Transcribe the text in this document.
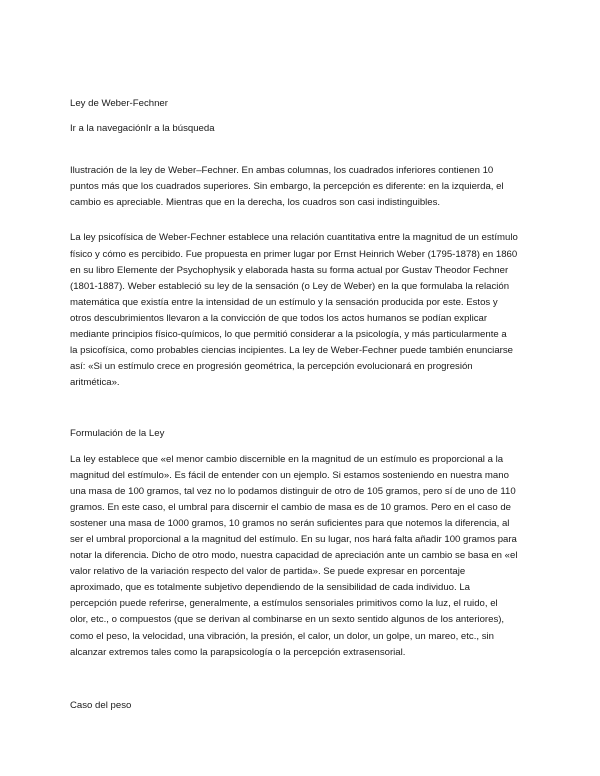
Ley de Weber-Fechner

Ir a la navegaciónIr a la búsqueda

Ilustración de la ley de Weber–Fechner. En ambas columnas, los cuadrados inferiores contienen 10

puntos más que los cuadrados superiores. Sin embargo, la percepción es diferente: en la izquierda, el

cambio es apreciable. Mientras que en la derecha, los cuadros son casi indistinguibles.

La ley psicofísica de Weber-Fechner establece una relación cuantitativa entre la magnitud de un estímulo

físico y cómo es percibido. Fue propuesta en primer lugar por Ernst Heinrich Weber (1795-1878) en 1860

en su libro Elemente der Psychophysik y elaborada hasta su forma actual por Gustav Theodor Fechner

(1801-1887). Weber estableció su ley de la sensación (o Ley de Weber) en la que formulaba la relación

matemática que existía entre la intensidad de un estímulo y la sensación producida por este. Estos y

otros descubrimientos llevaron a la convicción de que todos los actos humanos se podían explicar

mediante principios físico-químicos, lo que permitió considerar a la psicología, y más particularmente a

la psicofísica, como probables ciencias incipientes. La ley de Weber-Fechner puede también enunciarse

así: «Si un estímulo crece en progresión geométrica, la percepción evolucionará en progresión

aritmética».

Formulación de la Ley

La ley establece que «el menor cambio discernible en la magnitud de un estímulo es proporcional a la

magnitud del estímulo». Es fácil de entender con un ejemplo. Si estamos sosteniendo en nuestra mano

una masa de 100 gramos, tal vez no lo podamos distinguir de otro de 105 gramos, pero sí de uno de 110

gramos. En este caso, el umbral para discernir el cambio de masa es de 10 gramos. Pero en el caso de

sostener una masa de 1000 gramos, 10 gramos no serán suficientes para que notemos la diferencia, al

ser el umbral proporcional a la magnitud del estímulo. En su lugar, nos hará falta añadir 100 gramos para

notar la diferencia. Dicho de otro modo, nuestra capacidad de apreciación ante un cambio se basa en «el

valor relativo de la variación respecto del valor de partida». Se puede expresar en porcentaje

aproximado, que es totalmente subjetivo dependiendo de la sensibilidad de cada individuo. La

percepción puede referirse, generalmente, a estímulos sensoriales primitivos como la luz, el ruido, el

olor, etc., o compuestos (que se derivan al combinarse en un sexto sentido algunos de los anteriores),

como el peso, la velocidad, una vibración, la presión, el calor, un dolor, un golpe, un mareo, etc., sin

alcanzar extremos tales como la parapsicología o la percepción extrasensorial.

Caso del peso
